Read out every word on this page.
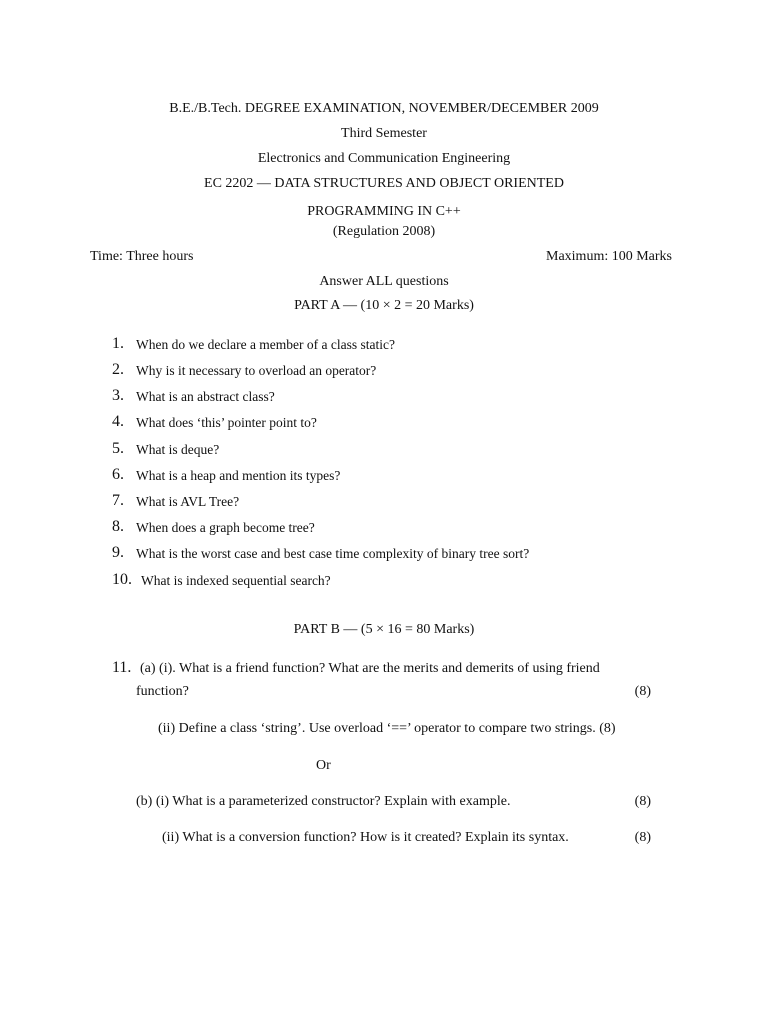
B.E./B.Tech. DEGREE EXAMINATION, NOVEMBER/DECEMBER 2009
Third Semester
Electronics and Communication Engineering
EC 2202 — DATA STRUCTURES AND OBJECT ORIENTED
PROGRAMMING IN C++
(Regulation 2008)
Time: Three hours	Maximum: 100 Marks
Answer ALL questions
PART A — (10 × 2 = 20 Marks)
1. When do we declare a member of a class static?
2. Why is it necessary to overload an operator?
3. What is an abstract class?
4. What does ‘this’ pointer point to?
5. What is deque?
6. What is a heap and mention its types?
7. What is AVL Tree?
8. When does a graph become tree?
9. What is the worst case and best case time complexity of binary tree sort?
10. What is indexed sequential search?
PART B — (5 × 16 = 80 Marks)
11. (a) (i). What is a friend function? What are the merits and demerits of using friend
function?	(8)
(ii) Define a class ‘string’. Use overload ‘==’ operator to compare two strings. (8)
Or
(b) (i) What is a parameterized constructor? Explain with example.	(8)
(ii) What is a conversion function? How is it created? Explain its syntax.	(8)
